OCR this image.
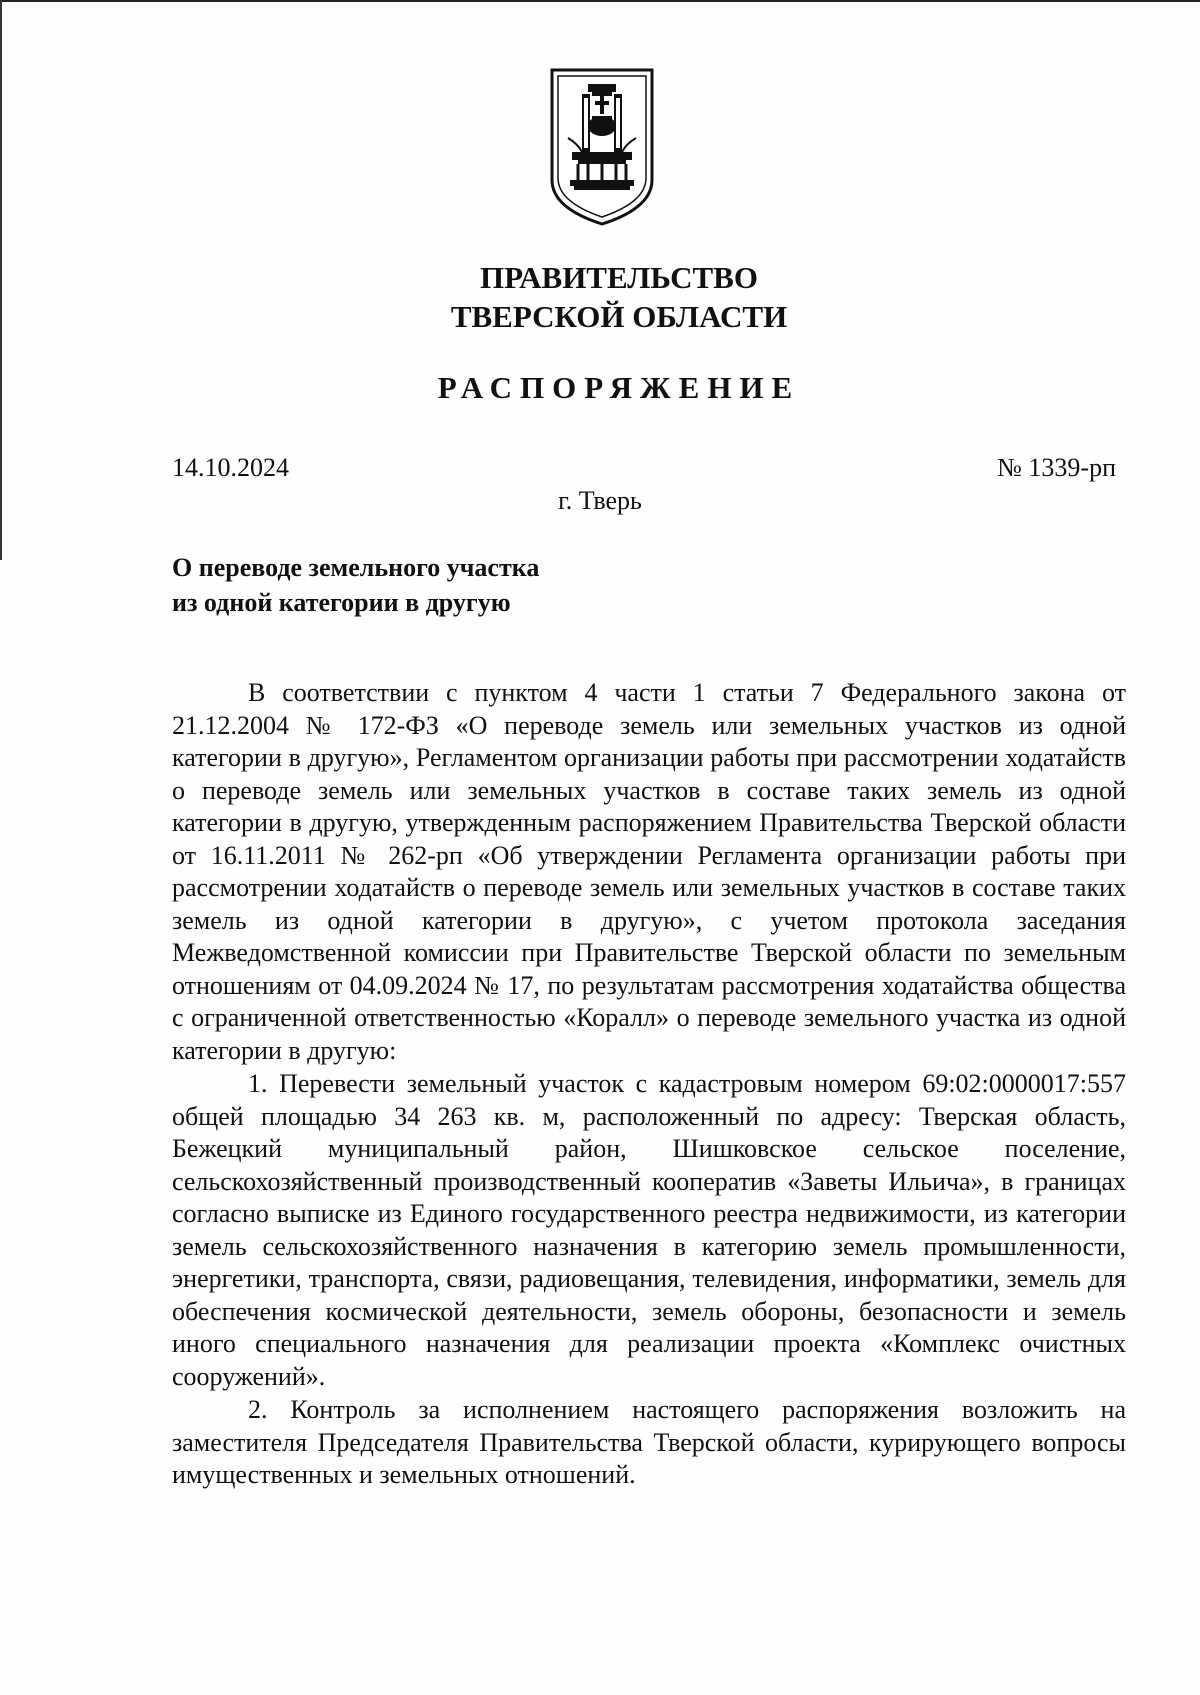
ПРАВИТЕЛЬСТВО
ТВЕРСКОЙ ОБЛАСТИ
РАСПОРЯЖЕНИЕ
14.10.2024	№ 1339-рп
г. Тверь
О переводе земельного участка
из одной категории в другую

В соответствии с пунктом 4 части 1 статьи 7 Федерального закона от 21.12.2004 № 172-ФЗ «О переводе земель или земельных участков из одной категории в другую», Регламентом организации работы при рассмотрении ходатайств о переводе земель или земельных участков в составе таких земель из одной категории в другую, утвержденным распоряжением Правительства Тверской области от 16.11.2011 № 262-рп «Об утверждении Регламента организации работы при рассмотрении ходатайств о переводе земель или земельных участков в составе таких земель из одной категории в другую», с учетом протокола заседания Межведомственной комиссии при Правительстве Тверской области по земельным отношениям от 04.09.2024 № 17, по результатам рассмотрения ходатайства общества с ограниченной ответственностью «Коралл» о переводе земельного участка из одной категории в другую:

1. Перевести земельный участок с кадастровым номером 69:02:0000017:557 общей площадью 34 263 кв. м, расположенный по адресу: Тверская область, Бежецкий муниципальный район, Шишковское сельское поселение, сельскохозяйственный производственный кооператив «Заветы Ильича», в границах согласно выписке из Единого государственного реестра недвижимости, из категории земель сельскохозяйственного назначения в категорию земель промышленности, энергетики, транспорта, связи, радиовещания, телевидения, информатики, земель для обеспечения космической деятельности, земель обороны, безопасности и земель иного специального назначения для реализации проекта «Комплекс очистных сооружений».

2. Контроль за исполнением настоящего распоряжения возложить на заместителя Председателя Правительства Тверской области, курирующего вопросы имущественных и земельных отношений.
